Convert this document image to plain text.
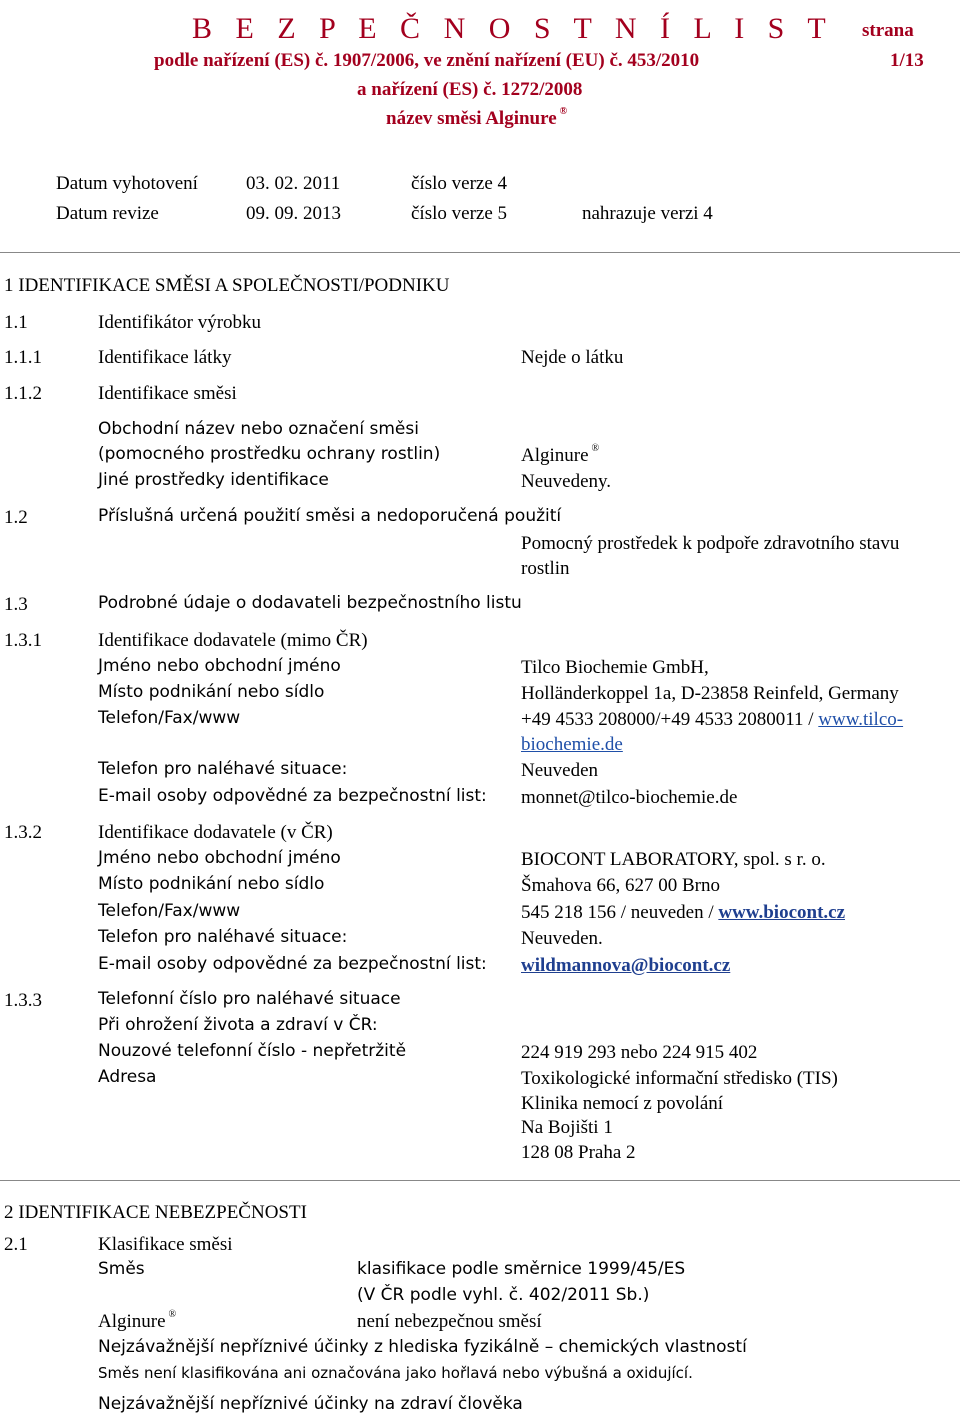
B E Z P E Č N O S T N Í L I S T strana
podle nařízení (ES) č. 1907/2006, ve znění nařízení (EU) č. 453/2010	1/13
a nařízení (ES) č. 1272/2008
název směsi Alginure ®
Datum vyhotovení	03. 02. 2011	číslo verze 4
Datum revize	09. 09. 2013	číslo verze 5	nahrazuje verzi 4
1 IDENTIFIKACE SMĚSI A SPOLEČNOSTI/PODNIKU
1.1	Identifikátor výrobku
1.1.1	Identifikace látky	Nejde o látku
1.1.2	Identifikace směsi
Obchodní název nebo označení směsi
(pomocného prostředku ochrany rostlin)	Alginure ®
Jiné prostředky identifikace	Neuvedeny.
1.2	Příslušná určená použití směsi a nedoporučená použití
Pomocný prostředek k podpoře zdravotního stavu
rostlin
1.3	Podrobné údaje o dodavateli bezpečnostního listu
1.3.1	Identifikace dodavatele (mimo ČR)
Jméno nebo obchodní jméno	Tilco Biochemie GmbH,
Místo podnikání nebo sídlo	Holländerkoppel 1a, D-23858 Reinfeld, Germany
Telefon/Fax/www	+49 4533 208000/+49 4533 2080011 / www.tilco-
biochemie.de
Telefon pro naléhavé situace:	Neuveden
E-mail osoby odpovědné za bezpečnostní list: monnet@tilco-biochemie.de
1.3.2	Identifikace dodavatele (v ČR)
Jméno nebo obchodní jméno	BIOCONT LABORATORY, spol. s r. o.
Místo podnikání nebo sídlo	Šmahova 66, 627 00 Brno
Telefon/Fax/www	545 218 156 / neuveden / www.biocont.cz
Telefon pro naléhavé situace:	Neuveden.
E-mail osoby odpovědné za bezpečnostní list: wildmannova@biocont.cz
1.3.3	Telefonní číslo pro naléhavé situace
Při ohrožení života a zdraví v ČR:
Nouzové telefonní číslo - nepřetržitě	224 919 293 nebo 224 915 402
Adresa	Toxikologické informační středisko (TIS)
Klinika nemocí z povolání
Na Bojišti 1
128 08 Praha 2
2 IDENTIFIKACE NEBEZPEČNOSTI
2.1	Klasifikace směsi
Směs	klasifikace podle směrnice 1999/45/ES
(V ČR podle vyhl. č. 402/2011 Sb.)
Alginure ®	není nebezpečnou směsí
Nejzávažnější nepříznivé účinky z hlediska fyzikálně – chemických vlastností
Směs není klasifikována ani označována jako hořlavá nebo výbušná a oxidující.
Nejzávažnější nepříznivé účinky na zdraví člověka
